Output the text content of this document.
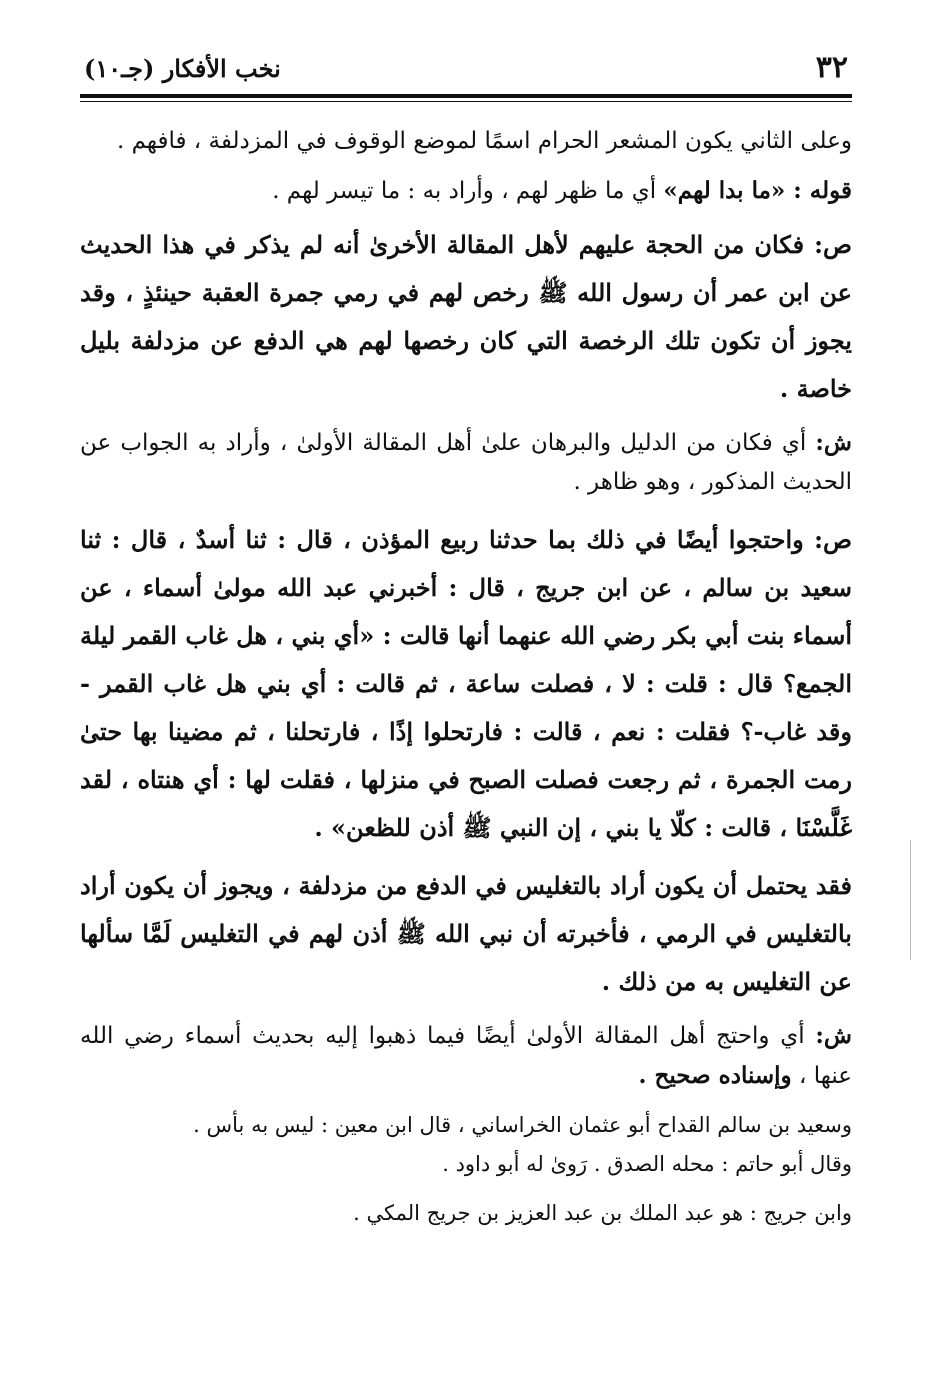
٣٢
نخب الأفكار (جـ١٠)

وعلى الثاني يكون المشعر الحرام اسمًا لموضع الوقوف في المزدلفة ، فافهم .

قوله : «ما بدا لهم» أي ما ظهر لهم ، وأراد به : ما تيسر لهم .

ص: فكان من الحجة عليهم لأهل المقالة الأخرىٰ أنه لم يذكر في هذا الحديث عن ابن عمر أن رسول الله ﷺ رخص لهم في رمي جمرة العقبة حينئذٍ ، وقد يجوز أن تكون تلك الرخصة التي كان رخصها لهم هي الدفع عن مزدلفة بليل خاصة .

ش: أي فكان من الدليل والبرهان علىٰ أهل المقالة الأولىٰ ، وأراد به الجواب عن الحديث المذكور ، وهو ظاهر .

ص: واحتجوا أيضًا في ذلك بما حدثنا ربيع المؤذن ، قال : ثنا أسدٌ ، قال : ثنا سعيد بن سالم ، عن ابن جريج ، قال : أخبرني عبد الله مولىٰ أسماء ، عن أسماء بنت أبي بكر رضي الله عنهما أنها قالت : «أي بني ، هل غاب القمر ليلة الجمع؟ قال : قلت : لا ، فصلت ساعة ، ثم قالت : أي بني هل غاب القمر - وقد غاب-؟ فقلت : نعم ، قالت : فارتحلوا إذًا ، فارتحلنا ، ثم مضينا بها حتىٰ رمت الجمرة ، ثم رجعت فصلت الصبح في منزلها ، فقلت لها : أي هنتاه ، لقد غَلَّسْنَا ، قالت : كلّا يا بني ، إن النبي ﷺ أذن للظعن» .

فقد يحتمل أن يكون أراد بالتغليس في الدفع من مزدلفة ، ويجوز أن يكون أراد بالتغليس في الرمي ، فأخبرته أن نبي الله ﷺ أذن لهم في التغليس لَمَّا سألها عن التغليس به من ذلك .

ش: أي واحتج أهل المقالة الأولىٰ أيضًا فيما ذهبوا إليه بحديث أسماء رضي الله عنها ، وإسناده صحيح .

وسعيد بن سالم القداح أبو عثمان الخراساني ، قال ابن معين : ليس به بأس .

وقال أبو حاتم : محله الصدق . رَوىٰ له أبو داود .

وابن جريج : هو عبد الملك بن عبد العزيز بن جريج المكي .
